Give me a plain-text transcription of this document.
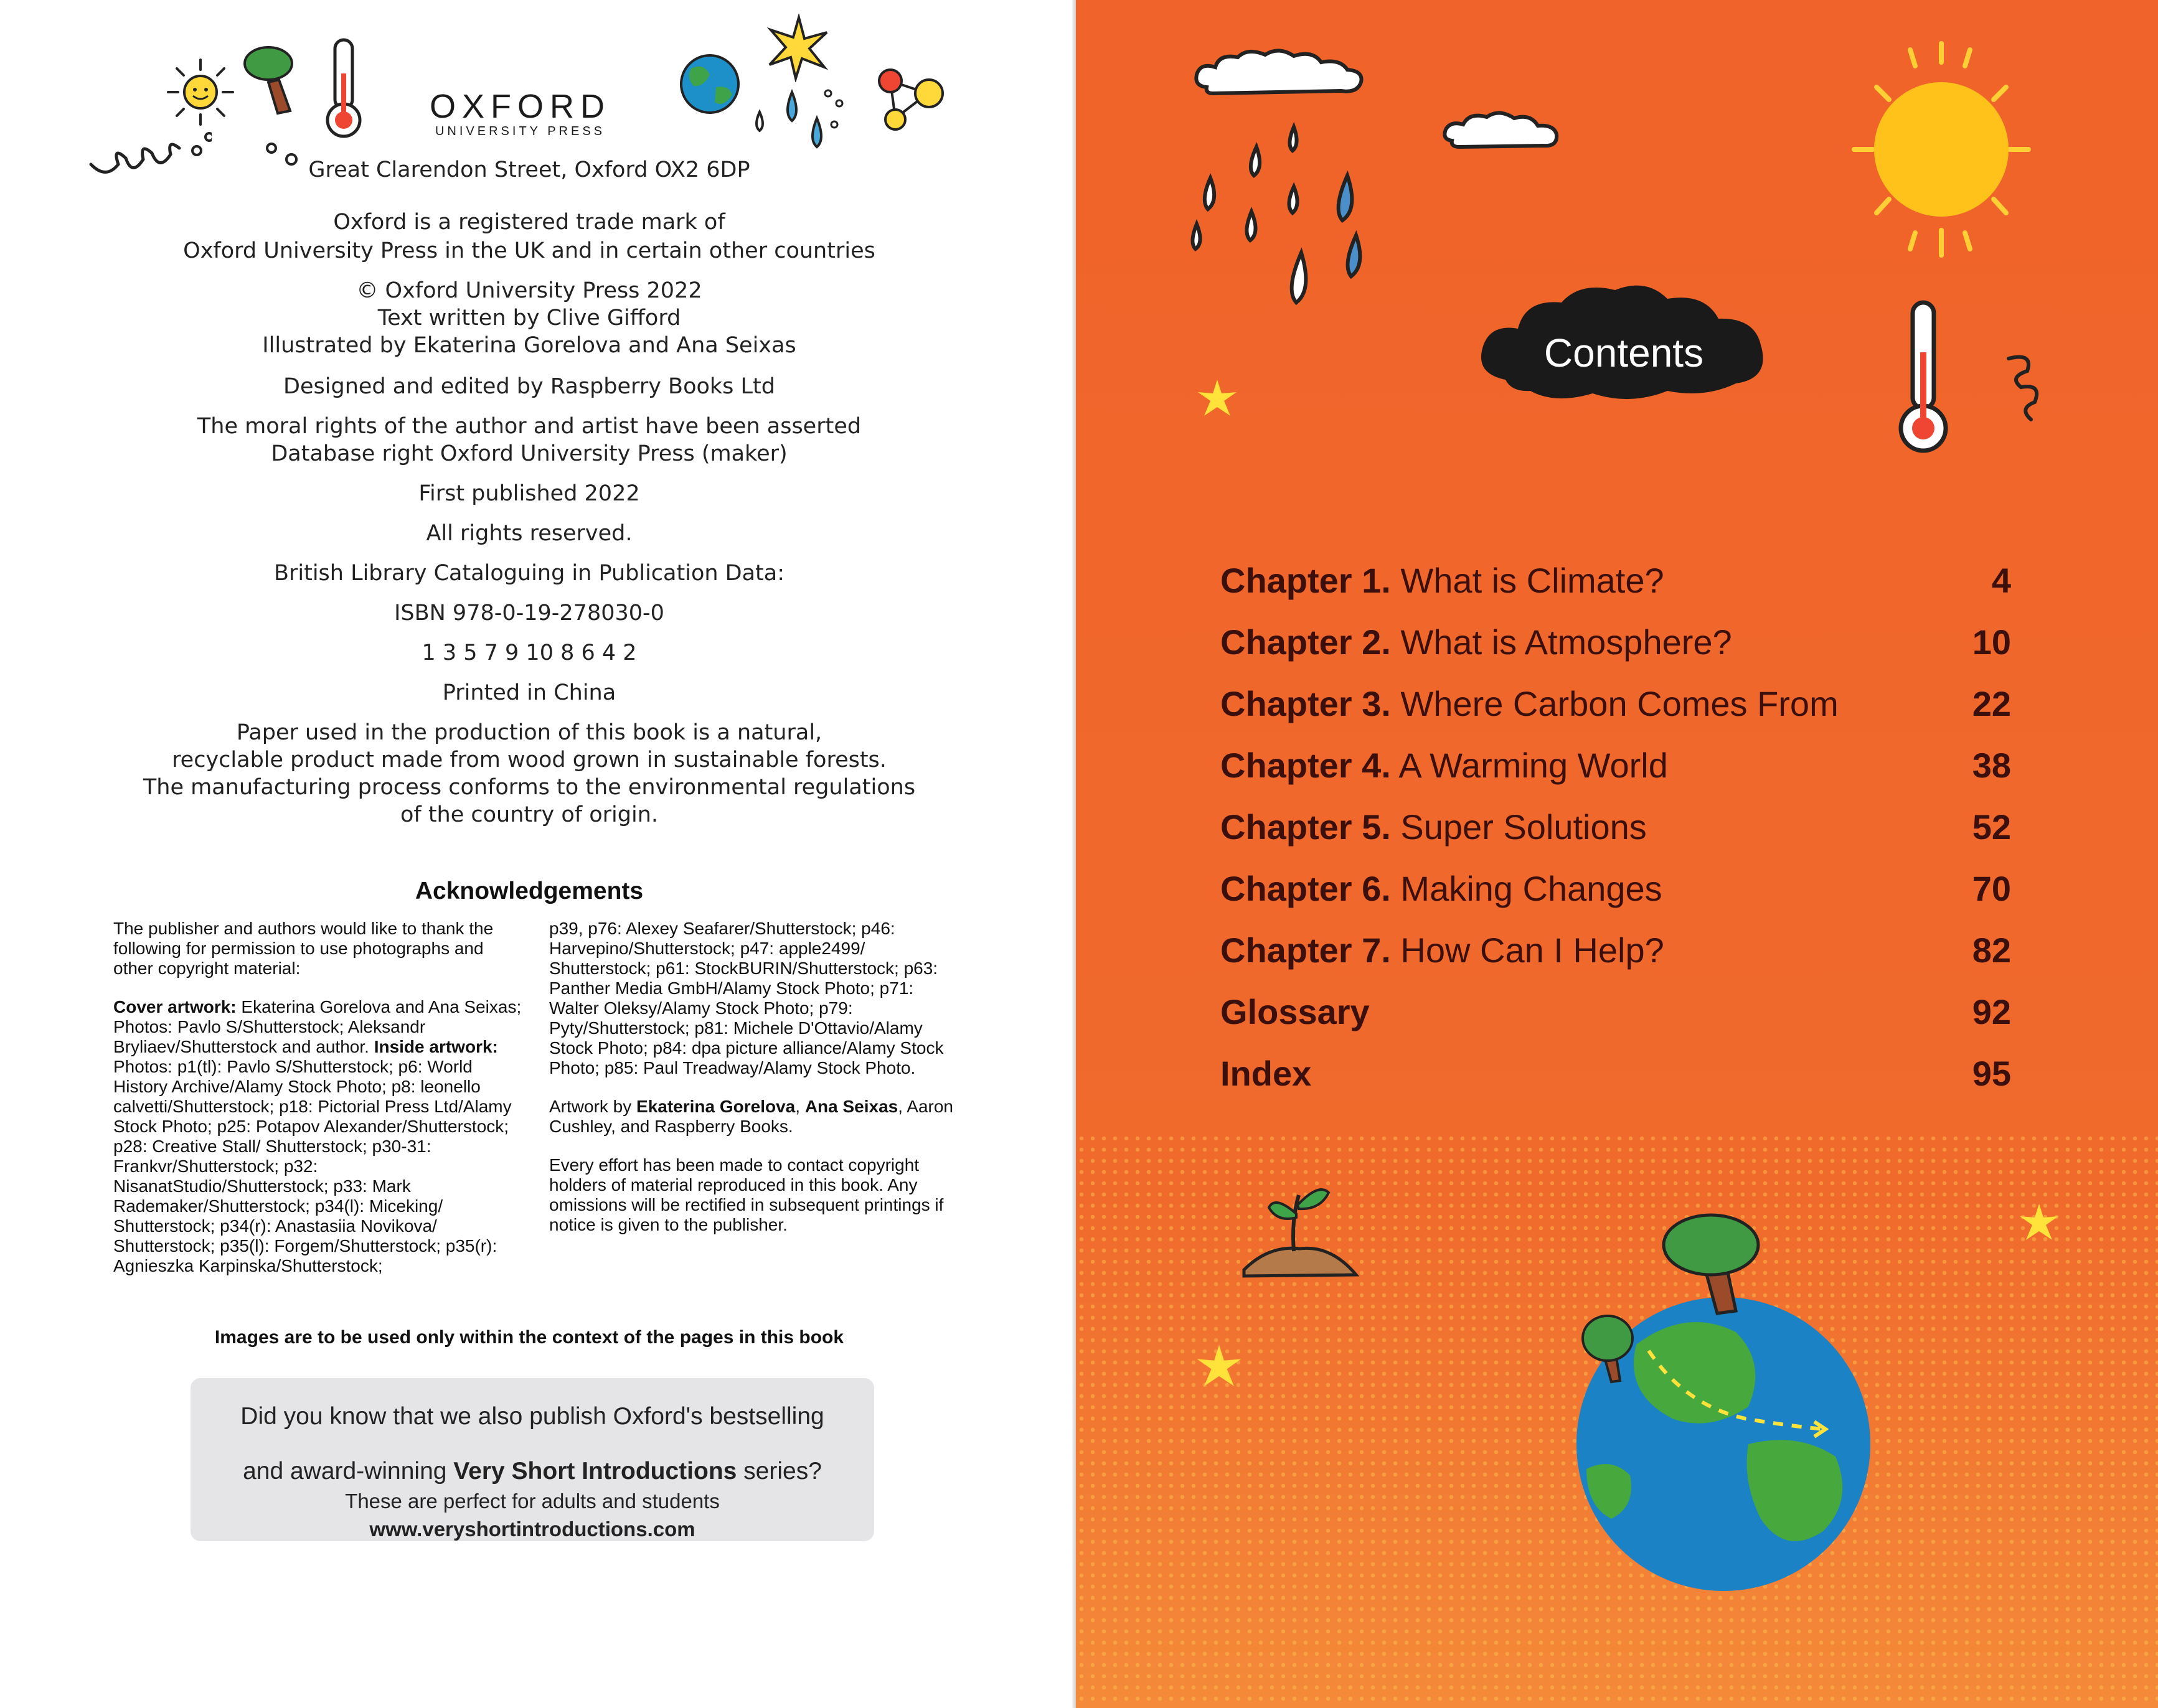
OXFORD
UNIVERSITY PRESS
Great Clarendon Street, Oxford OX2 6DP
Oxford is a registered trade mark of
Oxford University Press in the UK and in certain other countries
© Oxford University Press 2022
Text written by Clive Gifford
Illustrated by Ekaterina Gorelova and Ana Seixas
Designed and edited by Raspberry Books Ltd
The moral rights of the author and artist have been asserted
Database right Oxford University Press (maker)
First published 2022
All rights reserved.
British Library Cataloguing in Publication Data:
ISBN 978-0-19-278030-0
1 3 5 7 9 10 8 6 4 2
Printed in China
Paper used in the production of this book is a natural,
recyclable product made from wood grown in sustainable forests.
The manufacturing process conforms to the environmental regulations
of the country of origin.
Acknowledgements

The publisher and authors would like to thank the following for permission to use photographs and other copyright material:

Cover artwork: Ekaterina Gorelova and Ana Seixas; Photos: Pavlo S/Shutterstock; Aleksandr Bryliaev/Shutterstock and author. Inside artwork: Photos: p1(tl): Pavlo S/Shutterstock; p6: World History Archive/Alamy Stock Photo; p8: leonello calvetti/Shutterstock; p18: Pictorial Press Ltd/Alamy Stock Photo; p25: Potapov Alexander/Shutterstock; p28: Creative Stall/ Shutterstock; p30-31: Frankvr/Shutterstock; p32: NisanatStudio/Shutterstock; p33: Mark Rademaker/Shutterstock; p34(l): Miceking/ Shutterstock; p34(r): Anastasiia Novikova/ Shutterstock; p35(l): Forgem/Shutterstock; p35(r): Agnieszka Karpinska/Shutterstock;

p39, p76: Alexey Seafarer/Shutterstock; p46: Harvepino/Shutterstock; p47: apple2499/ Shutterstock; p61: StockBURIN/Shutterstock; p63: Panther Media GmbH/Alamy Stock Photo; p71: Walter Oleksy/Alamy Stock Photo; p79: Pyty/Shutterstock; p81: Michele D'Ottavio/Alamy Stock Photo; p84: dpa picture alliance/Alamy Stock Photo; p85: Paul Treadway/Alamy Stock Photo.

Artwork by Ekaterina Gorelova, Ana Seixas, Aaron Cushley, and Raspberry Books.

Every effort has been made to contact copyright holders of material reproduced in this book. Any omissions will be rectified in subsequent printings if notice is given to the publisher.

Images are to be used only within the context of the pages in this book
Did you know that we also publish Oxford's bestselling
and award-winning Very Short Introductions series?
These are perfect for adults and students
www.veryshortintroductions.com
Contents
Chapter 1. What is Climate?	4
Chapter 2. What is Atmosphere?	10
Chapter 3. Where Carbon Comes From	22
Chapter 4. A Warming World	38
Chapter 5. Super Solutions	52
Chapter 6. Making Changes	70
Chapter 7. How Can I Help?	82
Glossary	92
Index	95
